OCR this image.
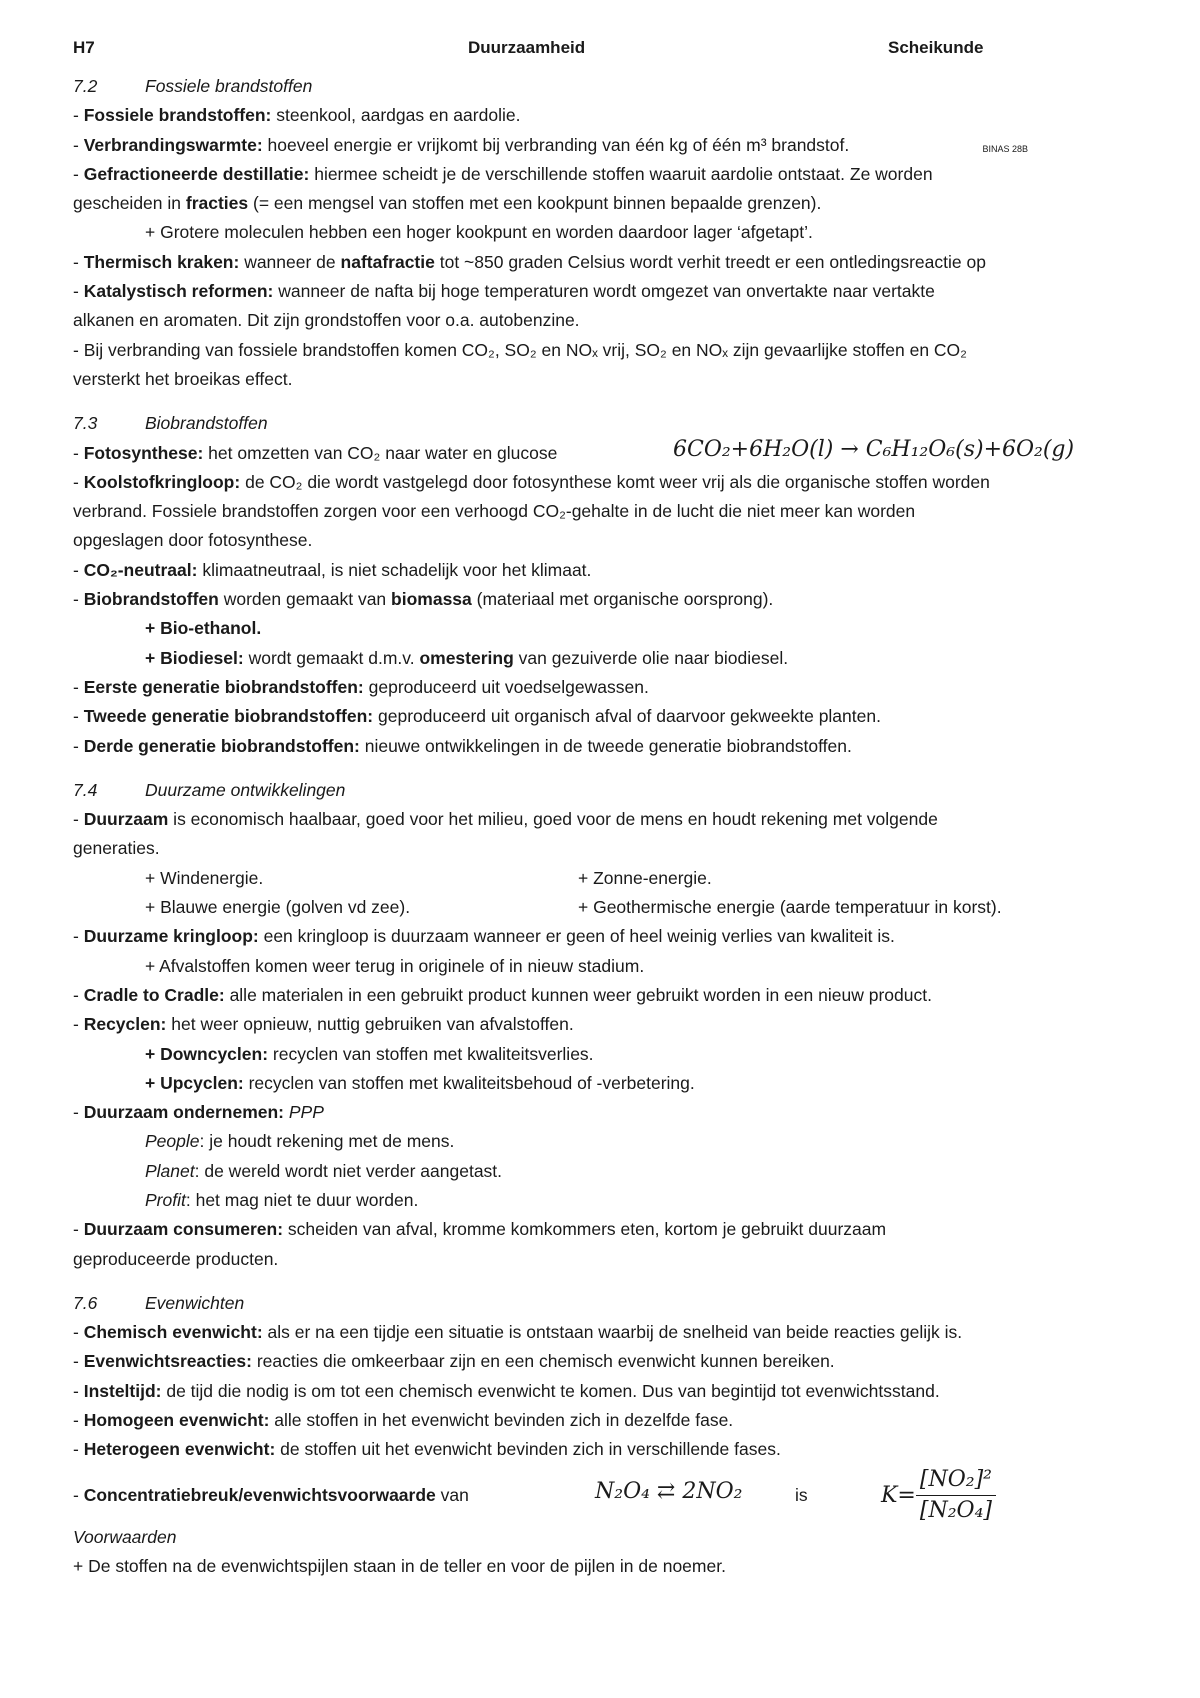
H7	Duurzaamheid	Scheikunde
7.2	Fossiele brandstoffen
- Fossiele brandstoffen: steenkool, aardgas en aardolie.
- Verbrandingswarmte: hoeveel energie er vrijkomt bij verbranding van één kg of één m³ brandstof.	BINAS 28B
- Gefractioneerde destillatie: hiermee scheidt je de verschillende stoffen waaruit aardolie ontstaat. Ze worden
gescheiden in fracties (= een mengsel van stoffen met een kookpunt binnen bepaalde grenzen).
+ Grotere moleculen hebben een hoger kookpunt en worden daardoor lager ‘afgetapt’.
- Thermisch kraken: wanneer de naftafractie tot ~850 graden Celsius wordt verhit treedt er een ontledingsreactie op
- Katalystisch reformen: wanneer de nafta bij hoge temperaturen wordt omgezet van onvertakte naar vertakte
alkanen en aromaten. Dit zijn grondstoffen voor o.a. autobenzine.
- Bij verbranding van fossiele brandstoffen komen CO₂, SO₂ en NOₓ vrij, SO₂ en NOₓ zijn gevaarlijke stoffen en CO₂
versterkt het broeikas effect.
7.3	Biobrandstoffen
- Fotosynthese: het omzetten van CO₂ naar water en glucose	6CO₂+6H₂O(l) → C₆H₁₂O₆(s)+6O₂(g)
- Koolstofkringloop: de CO₂ die wordt vastgelegd door fotosynthese komt weer vrij als die organische stoffen worden
verbrand. Fossiele brandstoffen zorgen voor een verhoogd CO₂-gehalte in de lucht die niet meer kan worden
opgeslagen door fotosynthese.
- CO₂-neutraal: klimaatneutraal, is niet schadelijk voor het klimaat.
- Biobrandstoffen worden gemaakt van biomassa (materiaal met organische oorsprong).
+ Bio-ethanol.
+ Biodiesel: wordt gemaakt d.m.v. omestering van gezuiverde olie naar biodiesel.
- Eerste generatie biobrandstoffen: geproduceerd uit voedselgewassen.
- Tweede generatie biobrandstoffen: geproduceerd uit organisch afval of daarvoor gekweekte planten.
- Derde generatie biobrandstoffen: nieuwe ontwikkelingen in de tweede generatie biobrandstoffen.
7.4	Duurzame ontwikkelingen
- Duurzaam is economisch haalbaar, goed voor het milieu, goed voor de mens en houdt rekening met volgende
generaties.
+ Windenergie.	+ Zonne-energie.
+ Blauwe energie (golven vd zee).	+ Geothermische energie (aarde temperatuur in korst).
- Duurzame kringloop: een kringloop is duurzaam wanneer er geen of heel weinig verlies van kwaliteit is.
+ Afvalstoffen komen weer terug in originele of in nieuw stadium.
- Cradle to Cradle: alle materialen in een gebruikt product kunnen weer gebruikt worden in een nieuw product.
- Recyclen: het weer opnieuw, nuttig gebruiken van afvalstoffen.
+ Downcyclen: recyclen van stoffen met kwaliteitsverlies.
+ Upcyclen: recyclen van stoffen met kwaliteitsbehoud of -verbetering.
- Duurzaam ondernemen: PPP
People: je houdt rekening met de mens.
Planet: de wereld wordt niet verder aangetast.
Profit: het mag niet te duur worden.
- Duurzaam consumeren: scheiden van afval, kromme komkommers eten, kortom je gebruikt duurzaam
geproduceerde producten.
7.6	Evenwichten
- Chemisch evenwicht: als er na een tijdje een situatie is ontstaan waarbij de snelheid van beide reacties gelijk is.
- Evenwichtsreacties: reacties die omkeerbaar zijn en een chemisch evenwicht kunnen bereiken.
- Insteltijd: de tijd die nodig is om tot een chemisch evenwicht te komen. Dus van begintijd tot evenwichtsstand.
- Homogeen evenwicht: alle stoffen in het evenwicht bevinden zich in dezelfde fase.
- Heterogeen evenwicht: de stoffen uit het evenwicht bevinden zich in verschillende fases.
- Concentratiebreuk/evenwichtsvoorwaarde van	N₂O₄ ⇄ 2NO₂	is	$K= \frac{\text{[NO₂]²}}{\text{[N₂O₄]}}$
Voorwaarden
+ De stoffen na de evenwichtspijlen staan in de teller en voor de pijlen in de noemer.
